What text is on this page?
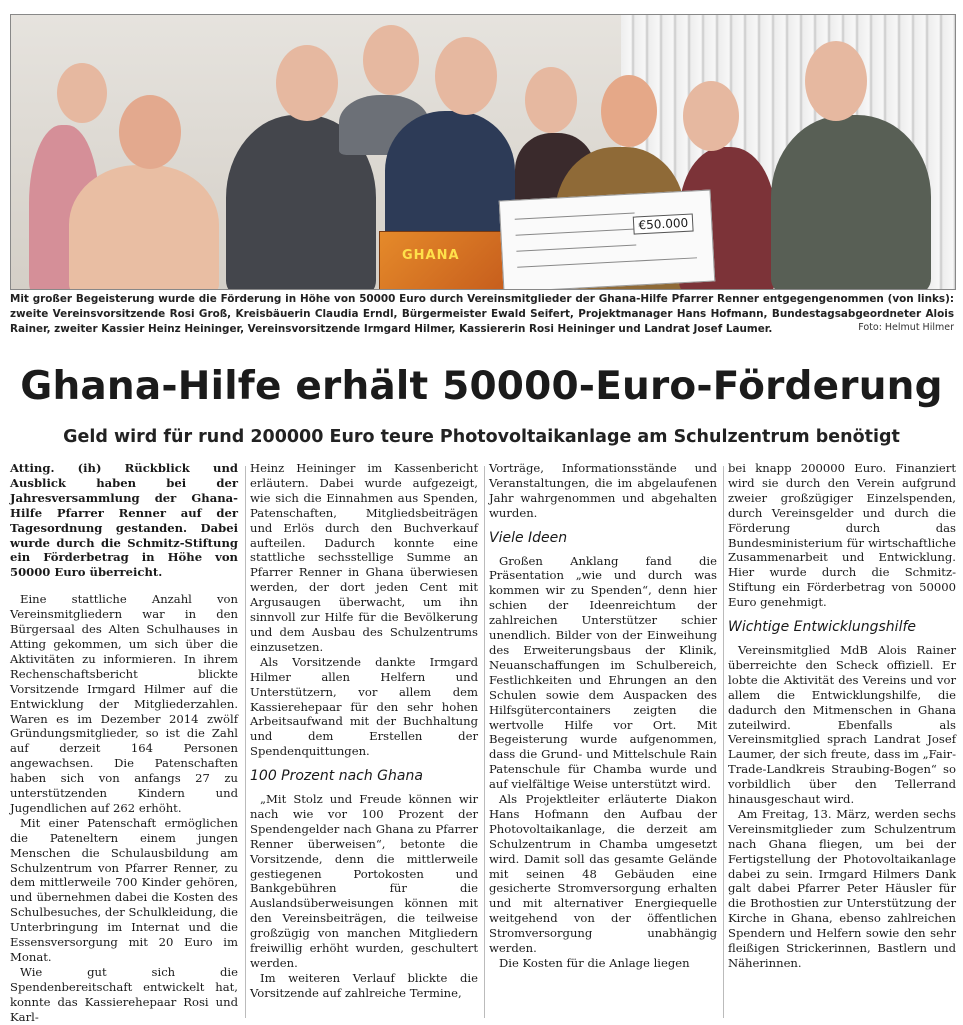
GHANA
€50.000

Mit großer Begeisterung wurde die Förderung in Höhe von 50000 Euro durch Vereinsmitglieder der Ghana-Hilfe Pfarrer Renner entgegengenommen (von links): zweite Vereinsvorsitzende Rosi Groß, Kreisbäuerin Claudia Erndl, Bürgermeister Ewald Seifert, Projektmanager Hans Hofmann, Bundestagsabgeordneter Alois Rainer, zweiter Kassier Heinz Heininger, Vereinsvorsitzende Irmgard Hilmer, Kassiererin Rosi Heininger und Landrat Josef Laumer.	Foto: Helmut Hilmer
Ghana-Hilfe erhält 50000-Euro-Förderung
Geld wird für rund 200000 Euro teure Photovoltaikanlage am Schulzentrum benötigt

Atting. (ih) Rückblick und Ausblick haben bei der Jahresversammlung der Ghana-Hilfe Pfarrer Renner auf der Tagesordnung gestanden. Dabei wurde durch die Schmitz-Stiftung ein Förderbetrag in Höhe von 50000 Euro überreicht.

Eine stattliche Anzahl von Vereinsmitgliedern war in den Bürgersaal des Alten Schulhauses in Atting gekommen, um sich über die Aktivitäten zu informieren. In ihrem Rechenschaftsbericht blickte Vorsitzende Irmgard Hilmer auf die Entwicklung der Mitgliederzahlen. Waren es im Dezember 2014 zwölf Gründungsmitglieder, so ist die Zahl auf derzeit 164 Personen angewachsen. Die Patenschaften haben sich von anfangs 27 zu unterstützenden Kindern und Jugendlichen auf 262 erhöht.

Mit einer Patenschaft ermöglichen die Pateneltern einem jungen Menschen die Schulausbildung am Schulzentrum von Pfarrer Renner, zu dem mittlerweile 700 Kinder gehören, und übernehmen dabei die Kosten des Schulbesuches, der Schulkleidung, die Unterbringung im Internat und die Essensversorgung mit 20 Euro im Monat.

Wie gut sich die Spendenbereitschaft entwickelt hat, konnte das Kassierehepaar Rosi und Karl-

Heinz Heininger im Kassenbericht erläutern. Dabei wurde aufgezeigt, wie sich die Einnahmen aus Spenden, Patenschaften, Mitgliedsbeiträgen und Erlös durch den Buchverkauf aufteilen. Dadurch konnte eine stattliche sechsstellige Summe an Pfarrer Renner in Ghana überwiesen werden, der dort jeden Cent mit Argusaugen überwacht, um ihn sinnvoll zur Hilfe für die Bevölkerung und dem Ausbau des Schulzentrums einzusetzen.

Als Vorsitzende dankte Irmgard Hilmer allen Helfern und Unterstützern, vor allem dem Kassierehepaar für den sehr hohen Arbeitsaufwand mit der Buchhaltung und dem Erstellen der Spendenquittungen.

100 Prozent nach Ghana

„Mit Stolz und Freude können wir nach wie vor 100 Prozent der Spendengelder nach Ghana zu Pfarrer Renner überweisen“, betonte die Vorsitzende, denn die mittlerweile gestiegenen Portokosten und Bankgebühren für die Auslandsüberweisungen können mit den Vereinsbeiträgen, die teilweise großzügig von manchen Mitgliedern freiwillig erhöht wurden, geschultert werden.

Im weiteren Verlauf blickte die Vorsitzende auf zahlreiche Termine,

Vorträge, Informationsstände und Veranstaltungen, die im abgelaufenen Jahr wahrgenommen und abgehalten wurden.

Viele Ideen

Großen Anklang fand die Präsentation „wie und durch was kommen wir zu Spenden“, denn hier schien der Ideenreichtum der zahlreichen Unterstützer schier unendlich. Bilder von der Einweihung des Erweiterungsbaus der Klinik, Neuanschaffungen im Schulbereich, Festlichkeiten und Ehrungen an den Schulen sowie dem Auspacken des Hilfsgütercontainers zeigten die wertvolle Hilfe vor Ort. Mit Begeisterung wurde aufgenommen, dass die Grund- und Mittelschule Rain Patenschule für Chamba wurde und auf vielfältige Weise unterstützt wird.

Als Projektleiter erläuterte Diakon Hans Hofmann den Aufbau der Photovoltaikanlage, die derzeit am Schulzentrum in Chamba umgesetzt wird. Damit soll das gesamte Gelände mit seinen 48 Gebäuden eine gesicherte Stromversorgung erhalten und mit alternativer Energiequelle weitgehend von der öffentlichen Stromversorgung unabhängig werden.

Die Kosten für die Anlage liegen

bei knapp 200000 Euro. Finanziert wird sie durch den Verein aufgrund zweier großzügiger Einzelspenden, durch Vereinsgelder und durch die Förderung durch das Bundesministerium für wirtschaftliche Zusammenarbeit und Entwicklung. Hier wurde durch die Schmitz-Stiftung ein Förderbetrag von 50000 Euro genehmigt.

Wichtige Entwicklungshilfe

Vereinsmitglied MdB Alois Rainer überreichte den Scheck offiziell. Er lobte die Aktivität des Vereins und vor allem die Entwicklungshilfe, die dadurch den Mitmenschen in Ghana zuteilwird. Ebenfalls als Vereinsmitglied sprach Landrat Josef Laumer, der sich freute, dass im „Fair-Trade-Landkreis Straubing-Bogen“ so vorbildlich über den Tellerrand hinausgeschaut wird.

Am Freitag, 13. März, werden sechs Vereinsmitglieder zum Schulzentrum nach Ghana fliegen, um bei der Fertigstellung der Photovoltaikanlage dabei zu sein. Irmgard Hilmers Dank galt dabei Pfarrer Peter Häusler für die Brothostien zur Unterstützung der Kirche in Ghana, ebenso zahlreichen Spendern und Helfern sowie den sehr fleißigen Strickerinnen, Bastlern und Näherinnen.
